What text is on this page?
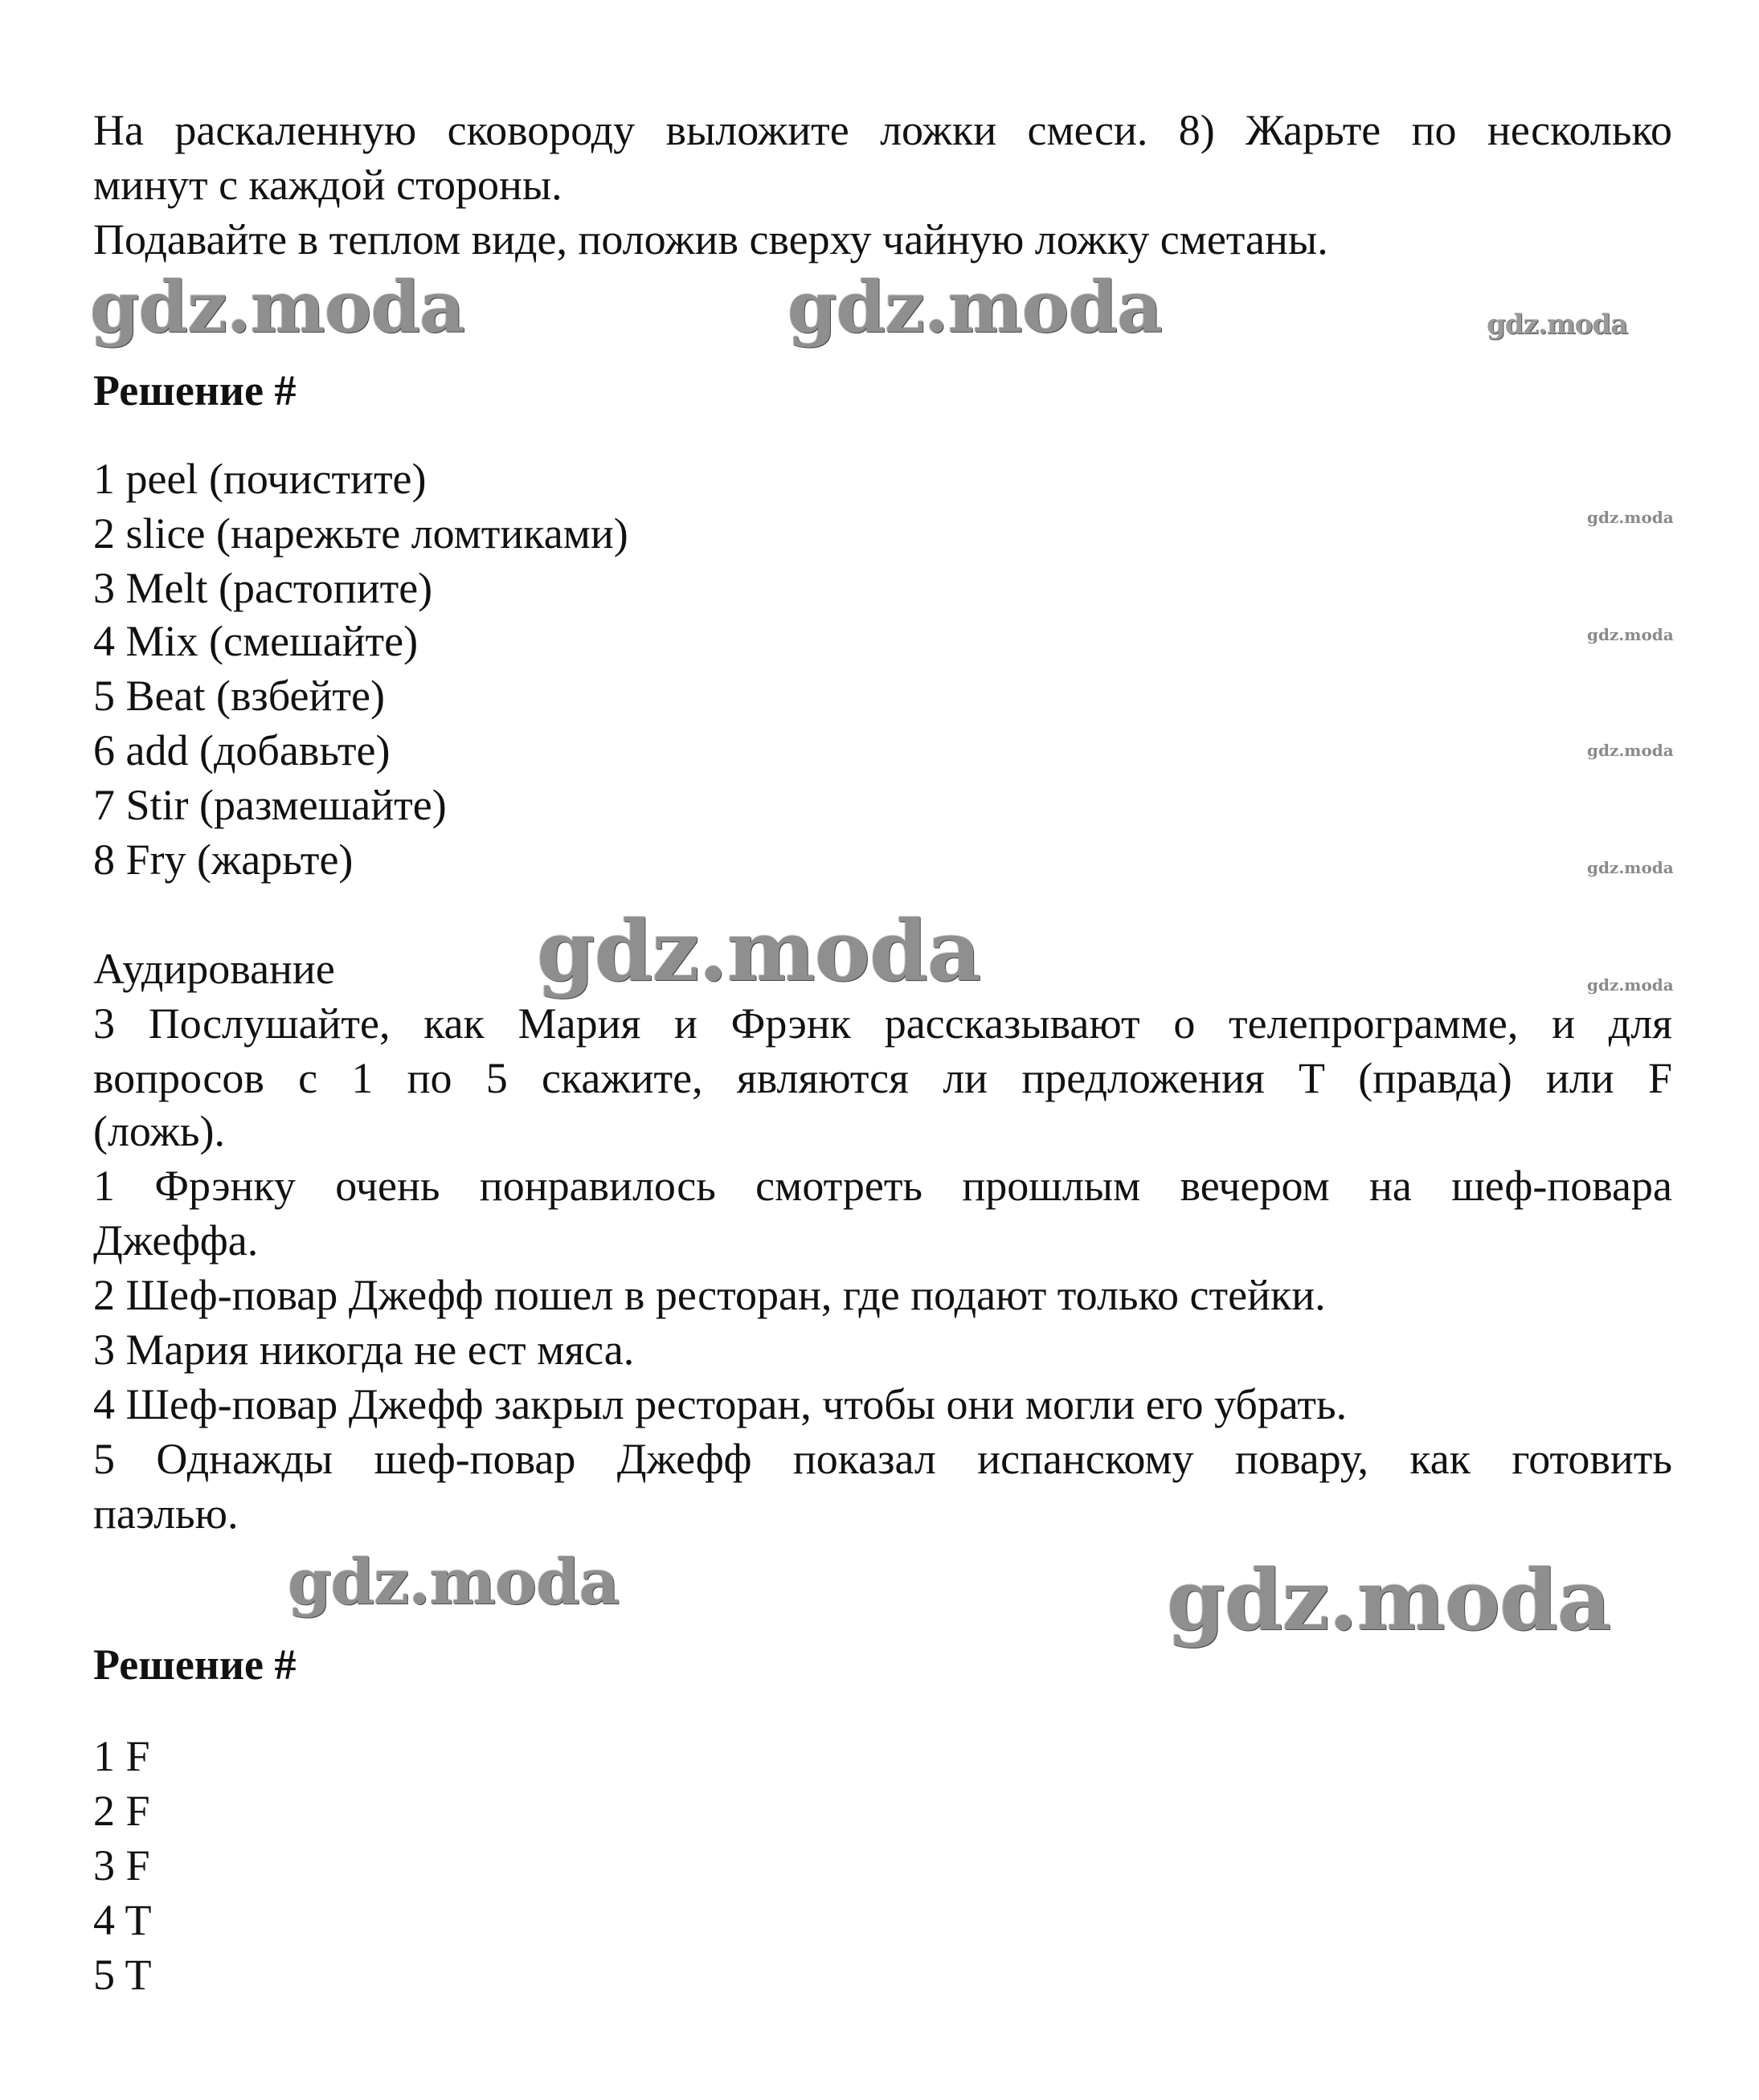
На раскаленную сковороду выложите ложки смеси. 8) Жарьте по несколько
минут с каждой стороны.
Подавайте в теплом виде, положив сверху чайную ложку сметаны.
gdz.moda	gdz.moda	gdz.moda
Решение #
1 peel (почистите)
2 slice (нарежьте ломтиками)
3 Melt (растопите)
4 Mix (смешайте)
5 Beat (взбейте)
6 add (добавьте)
7 Stir (размешайте)
8 Fry (жарьте)
gdz.moda
gdz.moda
gdz.moda
gdz.moda
gdz.moda
Аудирование gdz.moda
3 Послушайте, как Мария и Фрэнк рассказывают о телепрограмме, и для
вопросов с 1 по 5 скажите, являются ли предложения T (правда) или F
(ложь).
1 Фрэнку очень понравилось смотреть прошлым вечером на шеф-повара
Джеффа.
2 Шеф-повар Джефф пошел в ресторан, где подают только стейки.
3 Мария никогда не ест мяса.
4 Шеф-повар Джефф закрыл ресторан, чтобы они могли его убрать.
5 Однажды шеф-повар Джефф показал испанскому повару, как готовить
паэлью.
gdz.moda	gdz.moda
Решение #
1 F
2 F
3 F
4 T
5 T
